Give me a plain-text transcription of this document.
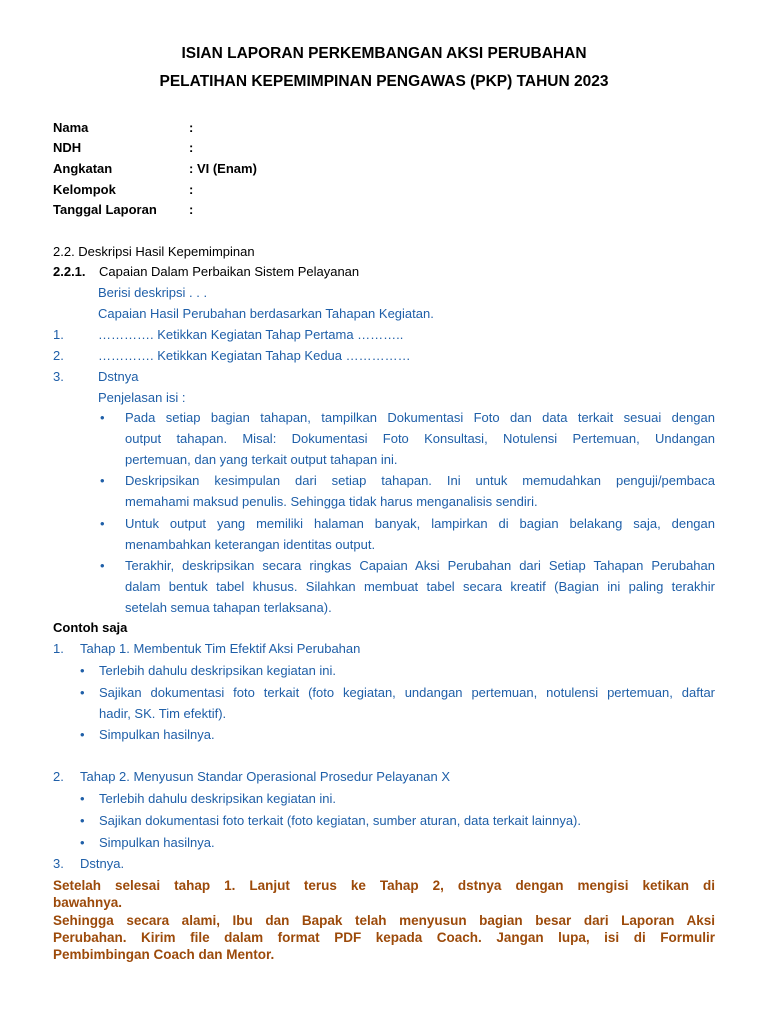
ISIAN LAPORAN PERKEMBANGAN AKSI PERUBAHAN
PELATIHAN KEPEMIMPINAN PENGAWAS (PKP) TAHUN 2023
Nama	:
NDH	:
Angkatan	: VI (Enam)
Kelompok	:
Tanggal Laporan :
2.2. Deskripsi Hasil Kepemimpinan
2.2.1. Capaian Dalam Perbaikan Sistem Pelayanan
Berisi deskripsi . . .
Capaian Hasil Perubahan berdasarkan Tahapan Kegiatan.
1.	…………. Ketikkan Kegiatan Tahap Pertama ………..
2.	…………. Ketikkan Kegiatan Tahap Kedua ……………
3.	Dstnya
Penjelasan isi :
• Pada setiap bagian tahapan, tampilkan Dokumentasi Foto dan data terkait sesuai dengan
output tahapan. Misal: Dokumentasi Foto Konsultasi, Notulensi Pertemuan, Undangan
pertemuan, dan yang terkait output tahapan ini.
• Deskripsikan kesimpulan dari setiap tahapan. Ini untuk memudahkan penguji/pembaca
memahami maksud penulis. Sehingga tidak harus menganalisis sendiri.
• Untuk output yang memiliki halaman banyak, lampirkan di bagian belakang saja, dengan
menambahkan keterangan identitas output.
• Terakhir, deskripsikan secara ringkas Capaian Aksi Perubahan dari Setiap Tahapan Perubahan
dalam bentuk tabel khusus. Silahkan membuat tabel secara kreatif (Bagian ini paling terakhir
setelah semua tahapan terlaksana).
Contoh saja
1. Tahap 1. Membentuk Tim Efektif Aksi Perubahan
• Terlebih dahulu deskripsikan kegiatan ini.
• Sajikan dokumentasi foto terkait (foto kegiatan, undangan pertemuan, notulensi pertemuan, daftar
hadir, SK. Tim efektif).
• Simpulkan hasilnya.
2. Tahap 2. Menyusun Standar Operasional Prosedur Pelayanan X
• Terlebih dahulu deskripsikan kegiatan ini.
• Sajikan dokumentasi foto terkait (foto kegiatan, sumber aturan, data terkait lainnya).
• Simpulkan hasilnya.
3. Dstnya.
Setelah selesai tahap 1. Lanjut terus ke Tahap 2, dstnya dengan mengisi ketikan di
bawahnya.
Sehingga secara alami, Ibu dan Bapak telah menyusun bagian besar dari Laporan Aksi
Perubahan. Kirim file dalam format PDF kepada Coach. Jangan lupa, isi di Formulir
Pembimbingan Coach dan Mentor.
